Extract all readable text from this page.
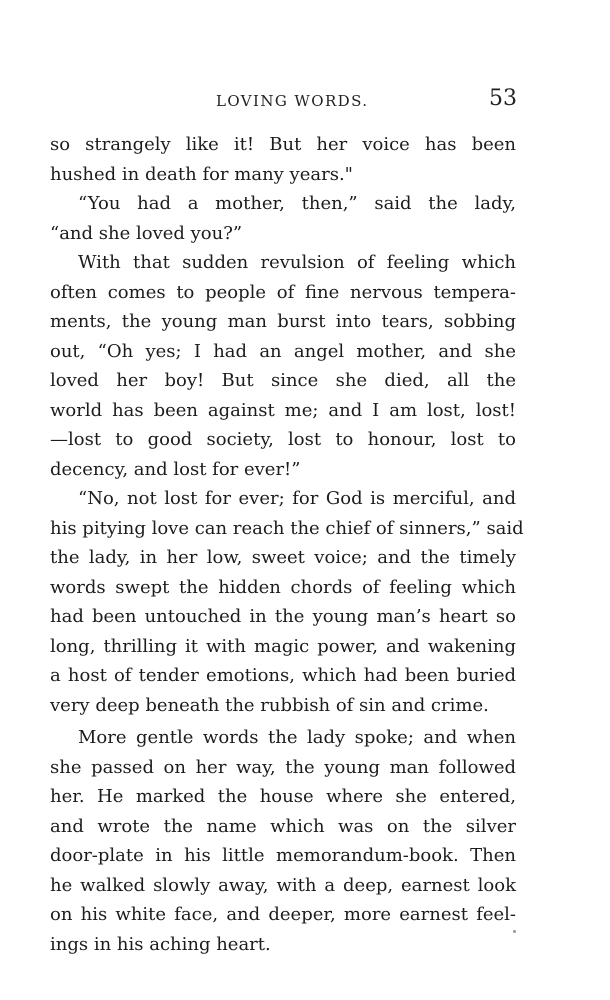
LOVING WORDS.	53
so strangely like it! But her voice has been
hushed in death for many years."
“You had a mother, then,” said the lady,
“and she loved you?”
With that sudden revulsion of feeling which
often comes to people of fine nervous tempera-
ments, the young man burst into tears, sobbing
out, “Oh yes; I had an angel mother, and she
loved her boy! But since she died, all the
world has been against me; and I am lost, lost!
—lost to good society, lost to honour, lost to
decency, and lost for ever!”
“No, not lost for ever; for God is merciful, and
his pitying love can reach the chief of sinners,” said
the lady, in her low, sweet voice; and the timely
words swept the hidden chords of feeling which
had been untouched in the young man’s heart so
long, thrilling it with magic power, and wakening
a host of tender emotions, which had been buried
very deep beneath the rubbish of sin and crime.
More gentle words the lady spoke; and when
she passed on her way, the young man followed
her. He marked the house where she entered,
and wrote the name which was on the silver
door-plate in his little memorandum-book. Then
he walked slowly away, with a deep, earnest look
on his white face, and deeper, more earnest feel-
ings in his aching heart.
